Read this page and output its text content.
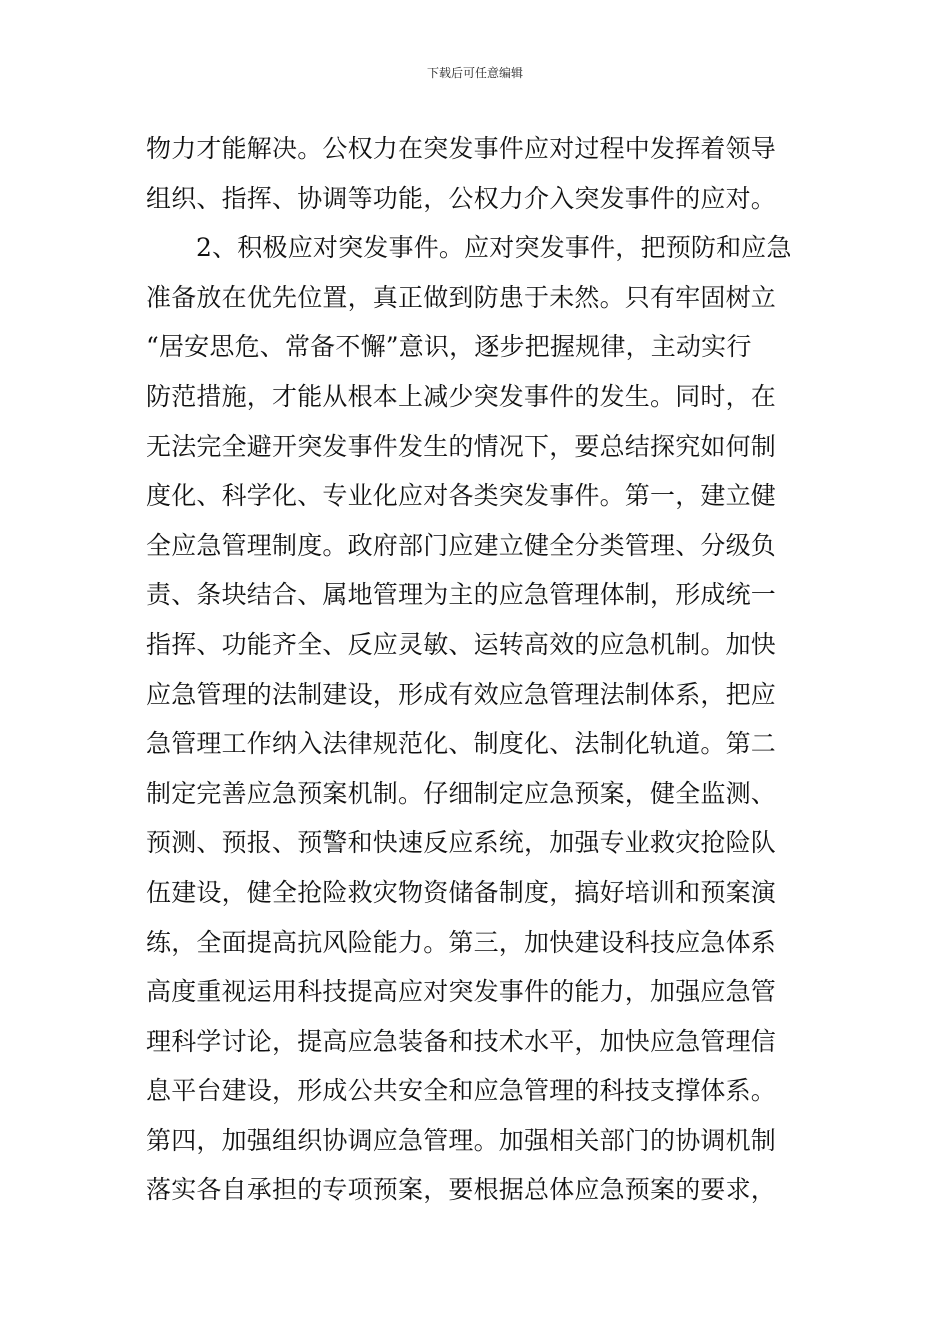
下载后可任意编辑
物力才能解决。公权力在突发事件应对过程中发挥着领导
组织、指挥、协调等功能，公权力介入突发事件的应对。
2、积极应对突发事件。应对突发事件，把预防和应急
准备放在优先位置，真正做到防患于未然。只有牢固树立
“居安思危、常备不懈”意识，逐步把握规律，主动实行
防范措施，才能从根本上减少突发事件的发生。同时，在
无法完全避开突发事件发生的情况下，要总结探究如何制
度化、科学化、专业化应对各类突发事件。第一，建立健
全应急管理制度。政府部门应建立健全分类管理、分级负
责、条块结合、属地管理为主的应急管理体制，形成统一
指挥、功能齐全、反应灵敏、运转高效的应急机制。加快
应急管理的法制建设，形成有效应急管理法制体系，把应
急管理工作纳入法律规范化、制度化、法制化轨道。第二
制定完善应急预案机制。仔细制定应急预案，健全监测、
预测、预报、预警和快速反应系统，加强专业救灾抢险队
伍建设，健全抢险救灾物资储备制度，搞好培训和预案演
练，全面提高抗风险能力。第三，加快建设科技应急体系
高度重视运用科技提高应对突发事件的能力，加强应急管
理科学讨论，提高应急装备和技术水平，加快应急管理信
息平台建设，形成公共安全和应急管理的科技支撑体系。
第四，加强组织协调应急管理。加强相关部门的协调机制
落实各自承担的专项预案，要根据总体应急预案的要求，
